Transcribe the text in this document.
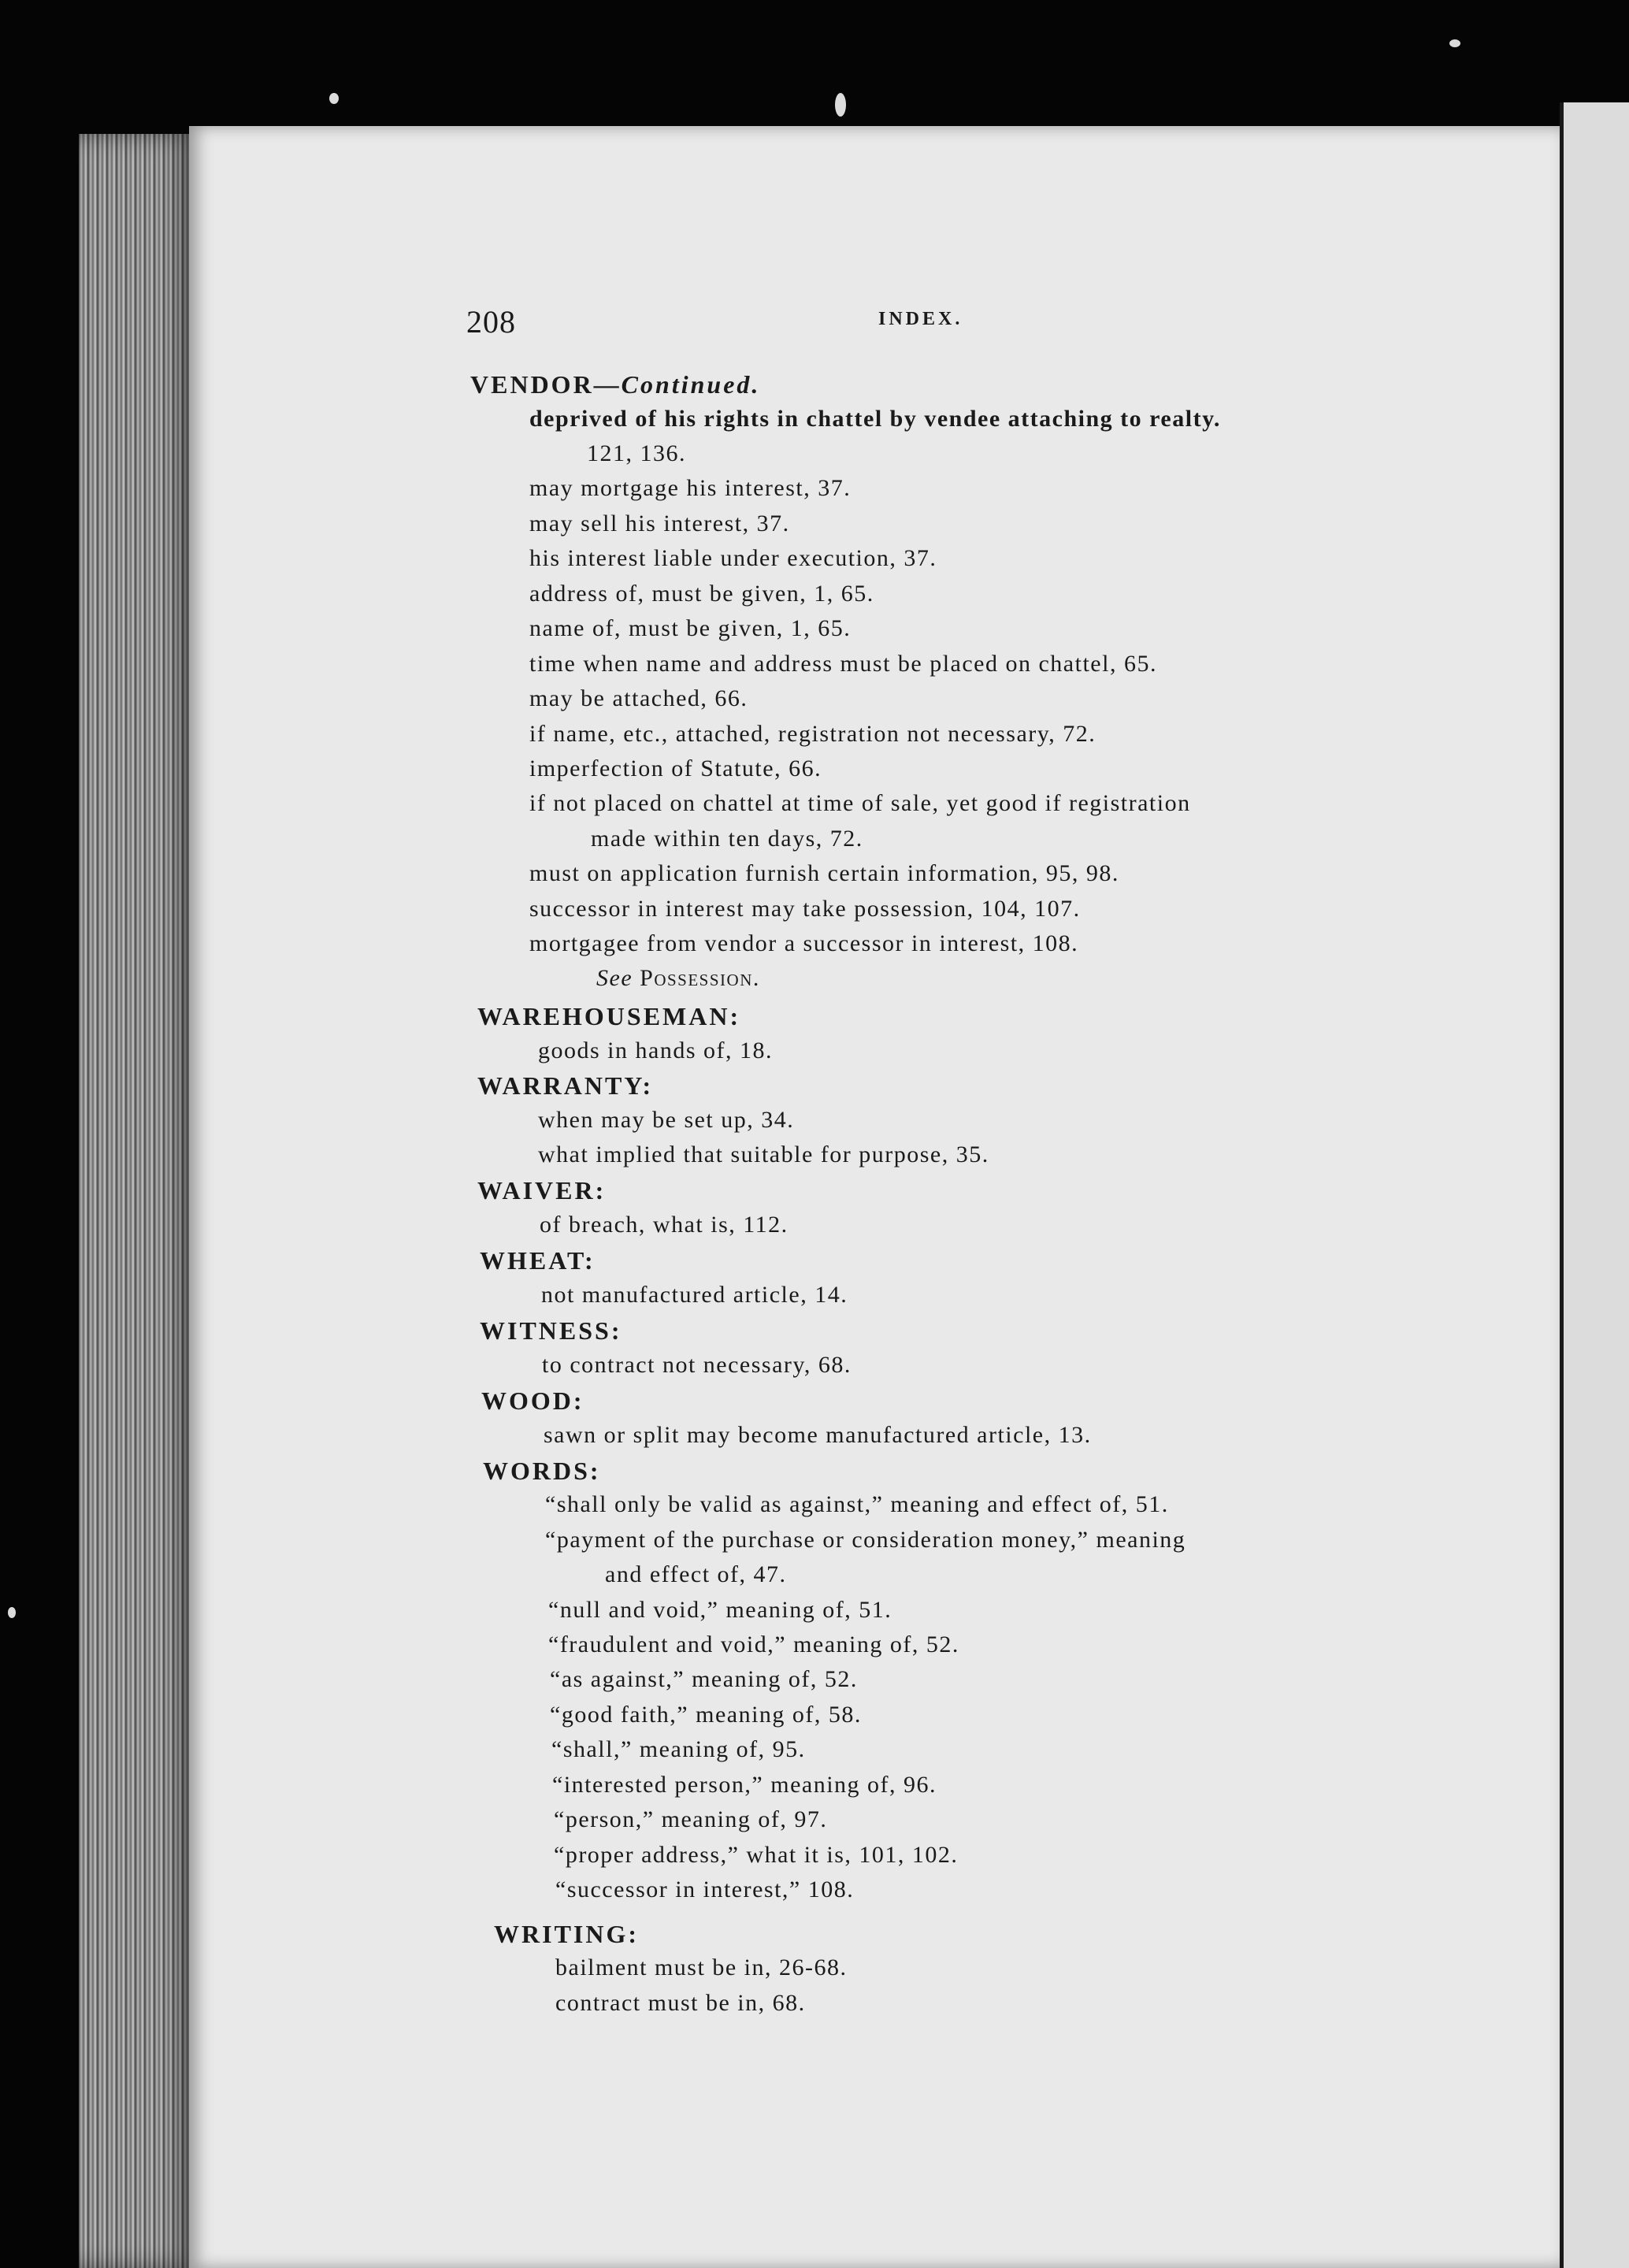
208	INDEX.
VENDOR—Continued.
deprived of his rights in chattel by vendee attaching to realty.
121, 136.
may mortgage his interest, 37.
may sell his interest, 37.
his interest liable under execution, 37.
address of, must be given, 1, 65.
name of, must be given, 1, 65.
time when name and address must be placed on chattel, 65.
may be attached, 66.
if name, etc., attached, registration not necessary, 72.
imperfection of Statute, 66.
if not placed on chattel at time of sale, yet good if registration
made within ten days, 72.
must on application furnish certain information, 95, 98.
successor in interest may take possession, 104, 107.
mortgagee from vendor a successor in interest, 108.
See Possession.
WAREHOUSEMAN:
WARRANTY:
WAIVER:
WHEAT:
WITNESS:
WOOD:
WORDS:
WRITING:
goods in hands of, 18.
when may be set up, 34.
what implied that suitable for purpose, 35.
of breach, what is, 112.
not manufactured article, 14.
to contract not necessary, 68.
sawn or split may become manufactured article, 13.
“shall only be valid as against,” meaning and effect of, 51.
“payment of the purchase or consideration money,” meaning
and effect of, 47.
“null and void,” meaning of, 51.
“fraudulent and void,” meaning of, 52.
“as against,” meaning of, 52.
“good faith,” meaning of, 58.
“shall,” meaning of, 95.
“interested person,” meaning of, 96.
“person,” meaning of, 97.
“proper address,” what it is, 101, 102.
“successor in interest,” 108.
bailment must be in, 26-68.
contract must be in, 68.
